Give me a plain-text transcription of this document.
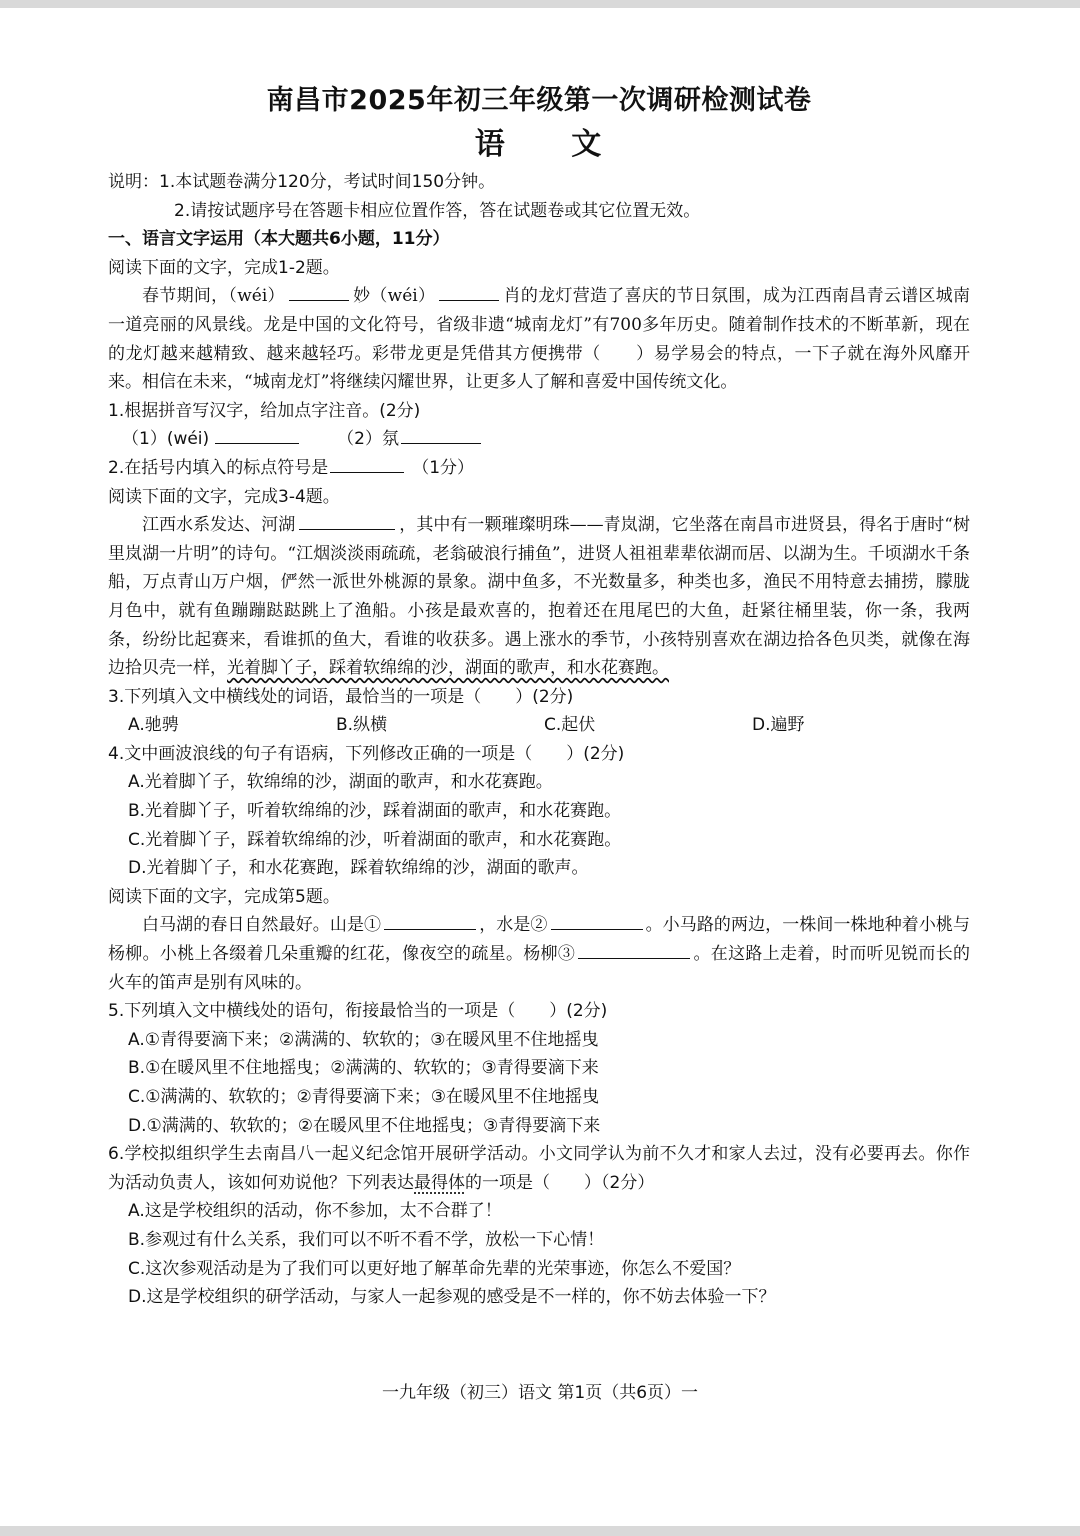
南昌市2025年初三年级第一次调研检测试卷
语 文
说明：1.本试题卷满分120分，考试时间150分钟。
2.请按试题序号在答题卡相应位置作答，答在试题卷或其它位置无效。
一、语言文字运用（本大题共6小题，11分）
阅读下面的文字，完成1-2题。

春节期间，（wéi）	妙（wéi）	肖的龙灯营造了喜庆的节日氛围，成为江西南昌青云谱区城南一道亮丽的风景线。龙是中国的文化符号，省级非遗“城南龙灯”有700多年历史。随着制作技术的不断革新，现在的龙灯越来越精致、越来越轻巧。彩带龙更是凭借其方便携带（　　）易学易会的特点，一下子就在海外风靡开来。相信在未来，“城南龙灯”将继续闪耀世界，让更多人了解和喜爱中国传统文化。

1.根据拼音写汉字，给加点字注音。(2分)
（1）(wéi)	（2）氛
2.在括号内填入的标点符号是	（1分）
阅读下面的文字，完成3-4题。

江西水系发达、河湖	，其中有一颗璀璨明珠——青岚湖，它坐落在南昌市进贤县，得名于唐时“树里岚湖一片明”的诗句。“江烟淡淡雨疏疏，老翁破浪行捕鱼”，进贤人祖祖辈辈依湖而居、以湖为生。千顷湖水千条船，万点青山万户烟，俨然一派世外桃源的景象。湖中鱼多，不光数量多，种类也多，渔民不用特意去捕捞，朦胧月色中，就有鱼蹦蹦跶跶跳上了渔船。小孩是最欢喜的，抱着还在甩尾巴的大鱼，赶紧往桶里装，你一条，我两条，纷纷比起赛来，看谁抓的鱼大，看谁的收获多。遇上涨水的季节，小孩特别喜欢在湖边拾各色贝类，就像在海边拾贝壳一样，光着脚丫子，踩着软绵绵的沙，湖面的歌声，和水花赛跑。

3.下列填入文中横线处的词语，最恰当的一项是（　　）(2分)
A.驰骋	B.纵横	C.起伏	D.遍野
4.文中画波浪线的句子有语病，下列修改正确的一项是（　　）(2分)
A.光着脚丫子，软绵绵的沙，湖面的歌声，和水花赛跑。
B.光着脚丫子，听着软绵绵的沙，踩着湖面的歌声，和水花赛跑。
C.光着脚丫子，踩着软绵绵的沙，听着湖面的歌声，和水花赛跑。
D.光着脚丫子，和水花赛跑，踩着软绵绵的沙，湖面的歌声。
阅读下面的文字，完成第5题。

白马湖的春日自然最好。山是①	，水是②	。小马路的两边，一株间一株地种着小桃与杨柳。小桃上各缀着几朵重瓣的红花，像夜空的疏星。杨柳③	。在这路上走着，时而听见锐而长的火车的笛声是别有风味的。

5.下列填入文中横线处的语句，衔接最恰当的一项是（　　）(2分)
A.①青得要滴下来；②满满的、软软的；③在暖风里不住地摇曳
B.①在暖风里不住地摇曳；②满满的、软软的；③青得要滴下来
C.①满满的、软软的；②青得要滴下来；③在暖风里不住地摇曳
D.①满满的、软软的；②在暖风里不住地摇曳；③青得要滴下来

6.学校拟组织学生去南昌八一起义纪念馆开展研学活动。小文同学认为前不久才和家人去过，没有必要再去。你作为活动负责人，该如何劝说他？下列表达最得体的一项是（　　）（2分）

A.这是学校组织的活动，你不参加，太不合群了！
B.参观过有什么关系，我们可以不听不看不学，放松一下心情！
C.这次参观活动是为了我们可以更好地了解革命先辈的光荣事迹，你怎么不爱国？
D.这是学校组织的研学活动，与家人一起参观的感受是不一样的，你不妨去体验一下？
一九年级（初三）语文 第1页（共6页）一
